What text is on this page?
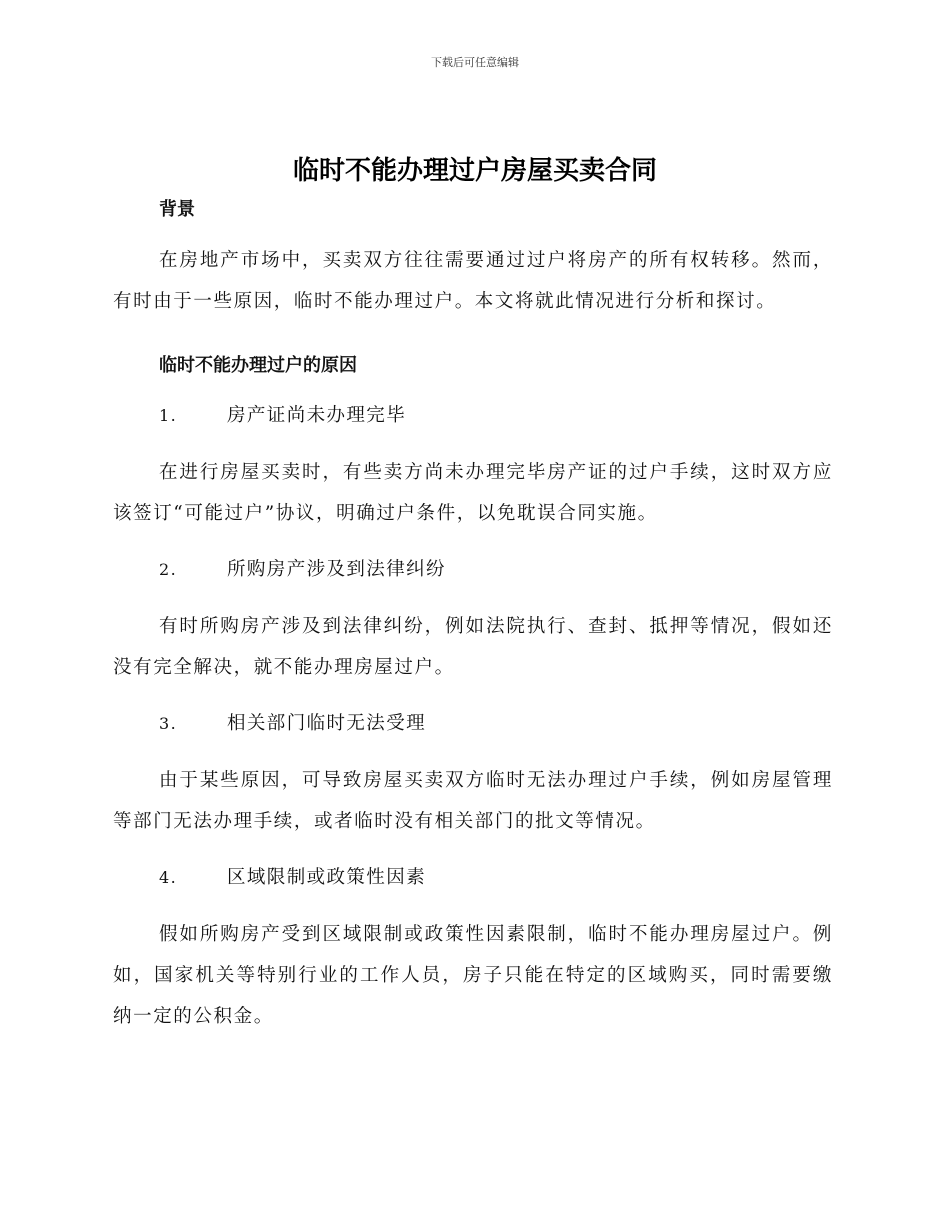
下载后可任意编辑
临时不能办理过户房屋买卖合同
背景

在房地产市场中，买卖双方往往需要通过过户将房产的所有权转移。然而，有时由于一些原因，临时不能办理过户。本文将就此情况进行分析和探讨。

临时不能办理过户的原因
1.	房产证尚未办理完毕

在进行房屋买卖时，有些卖方尚未办理完毕房产证的过户手续，这时双方应该签订“可能过户”协议，明确过户条件，以免耽误合同实施。

2.	所购房产涉及到法律纠纷

有时所购房产涉及到法律纠纷，例如法院执行、查封、抵押等情况，假如还没有完全解决，就不能办理房屋过户。

3.	相关部门临时无法受理

由于某些原因，可导致房屋买卖双方临时无法办理过户手续，例如房屋管理等部门无法办理手续，或者临时没有相关部门的批文等情况。

4.	区域限制或政策性因素

假如所购房产受到区域限制或政策性因素限制，临时不能办理房屋过户。例如，国家机关等特别行业的工作人员，房子只能在特定的区域购买，同时需要缴纳一定的公积金。
